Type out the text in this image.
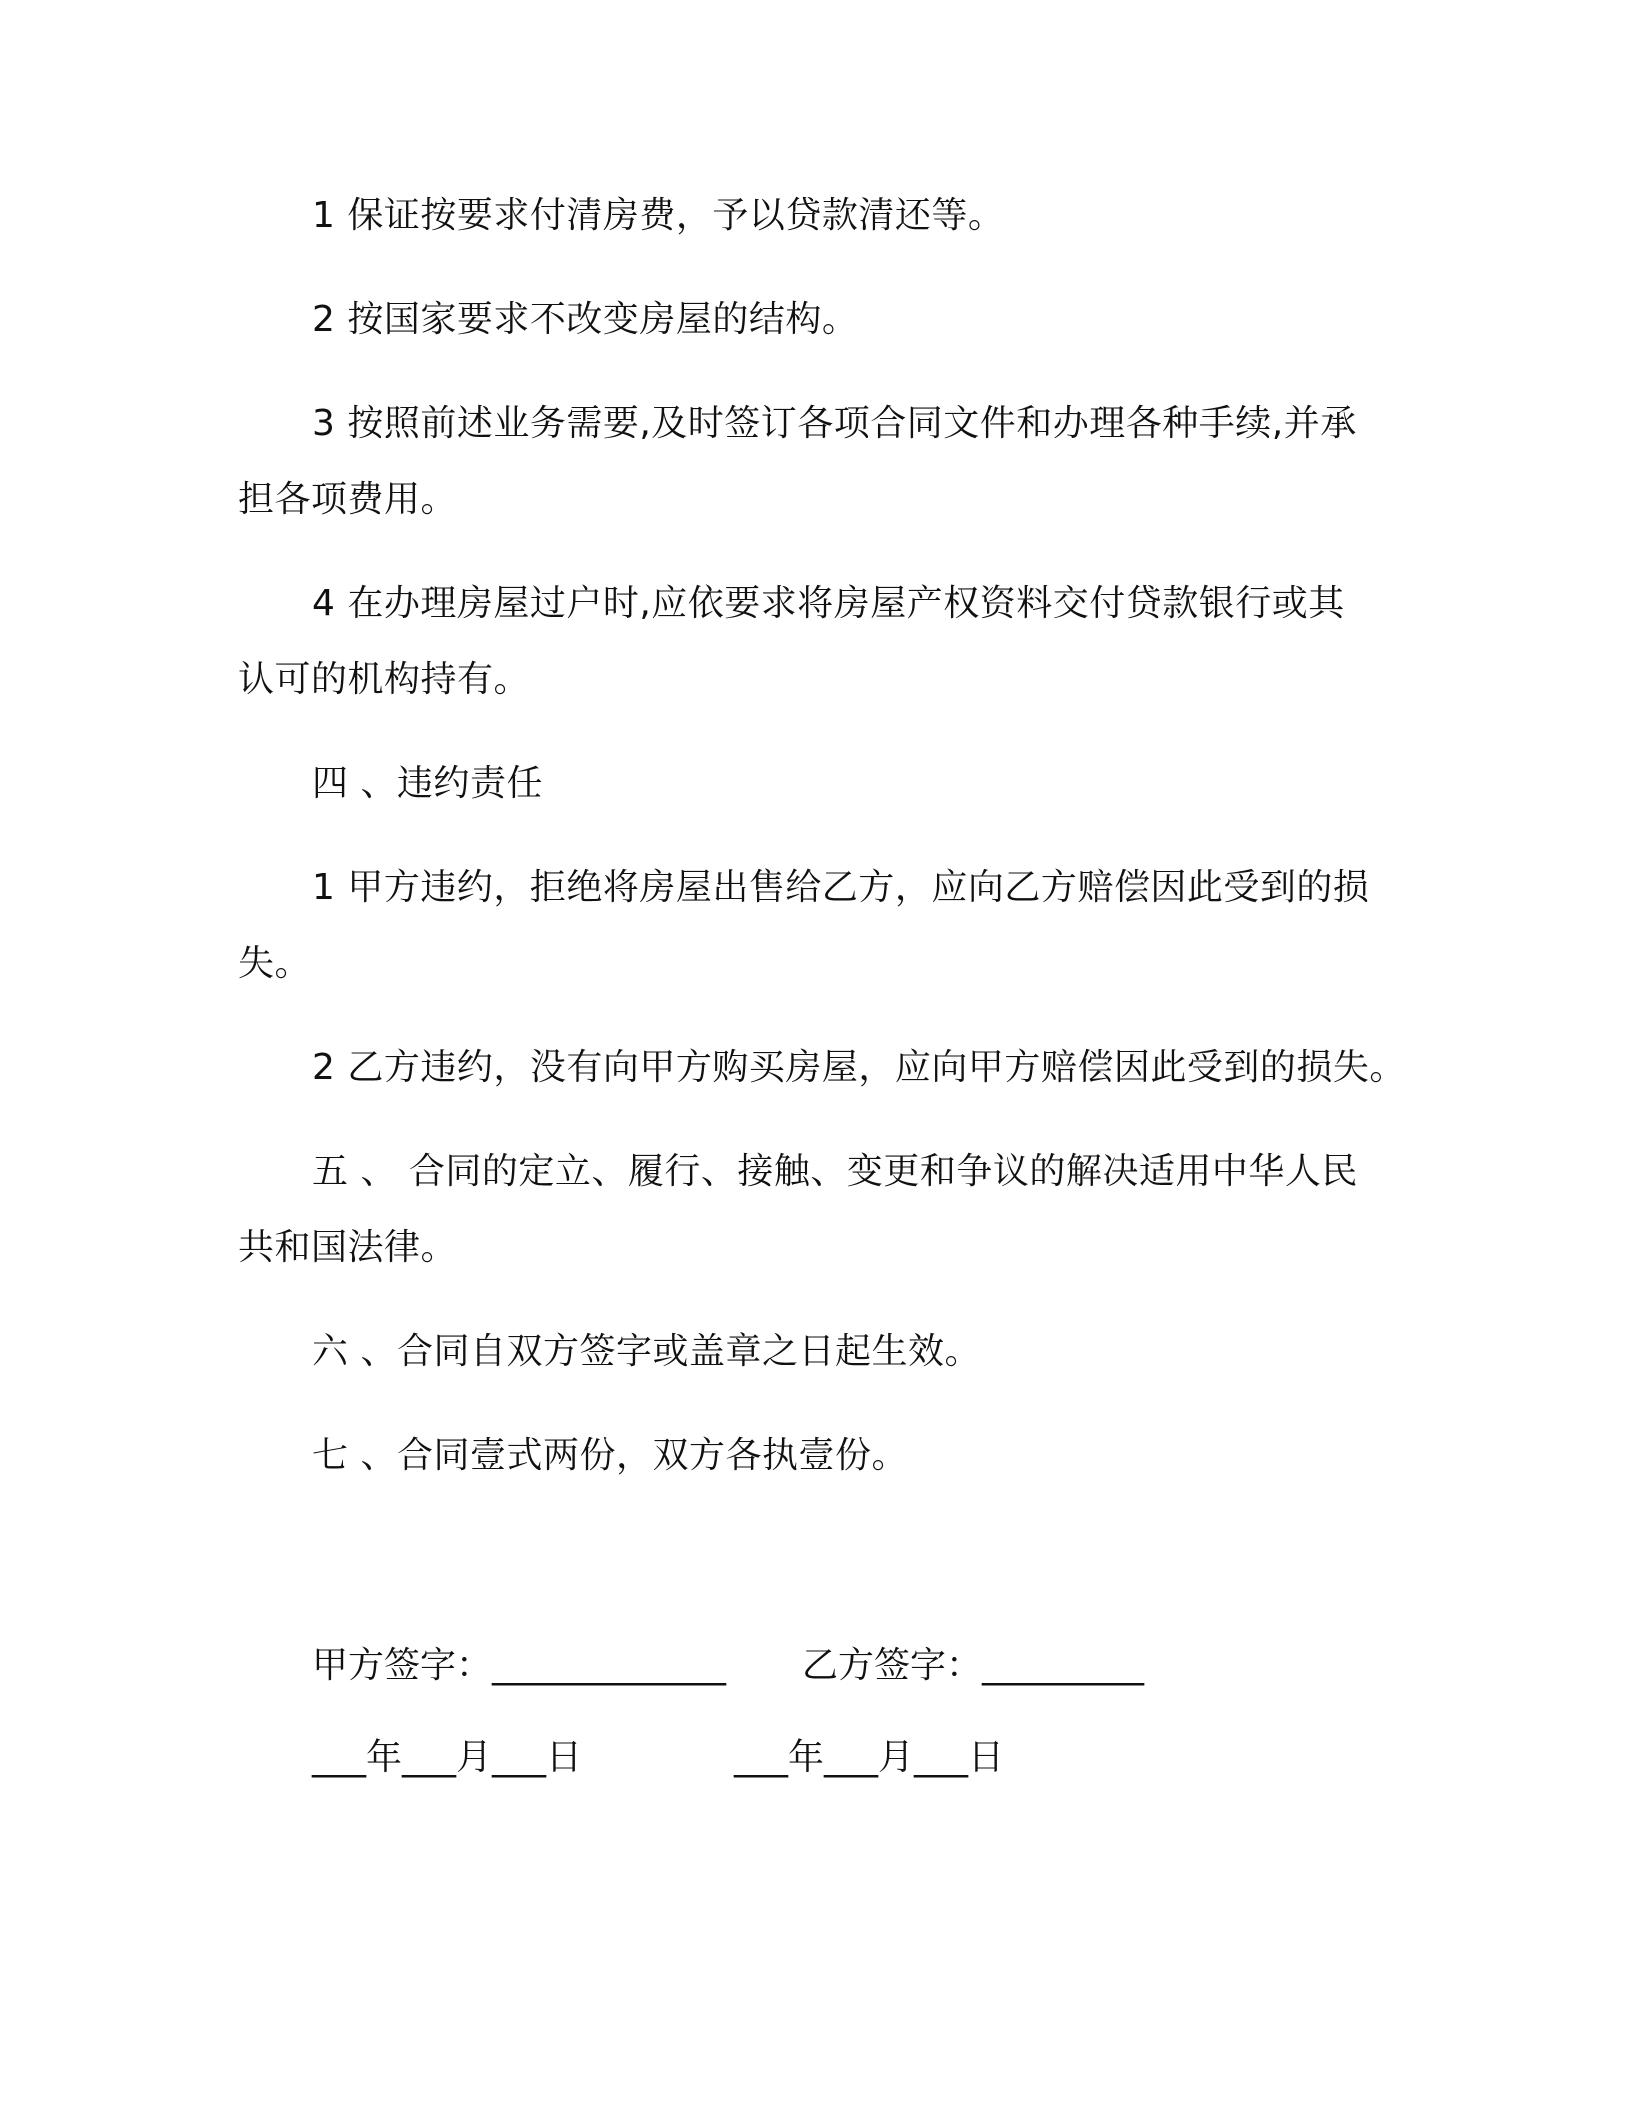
1 保证按要求付清房费，予以贷款清还等。
2 按国家要求不改变房屋的结构。
3 按照前述业务需要,及时签订各项合同文件和办理各种手续,并承
担各项费用。
4 在办理房屋过户时,应依要求将房屋产权资料交付贷款银行或其
认可的机构持有。
四 、违约责任
1 甲方违约，拒绝将房屋出售给乙方，应向乙方赔偿因此受到的损
失。
2 乙方违约，没有向甲方购买房屋，应向甲方赔偿因此受到的损失。
五 、 合同的定立、履行、接触、变更和争议的解决适用中华人民
共和国法律。
六 、合同自双方签字或盖章之日起生效。
七 、合同壹式两份，双方各执壹份。
甲方签字：_____________ 乙方签字：_________
___年___月___日	___年___月___日
